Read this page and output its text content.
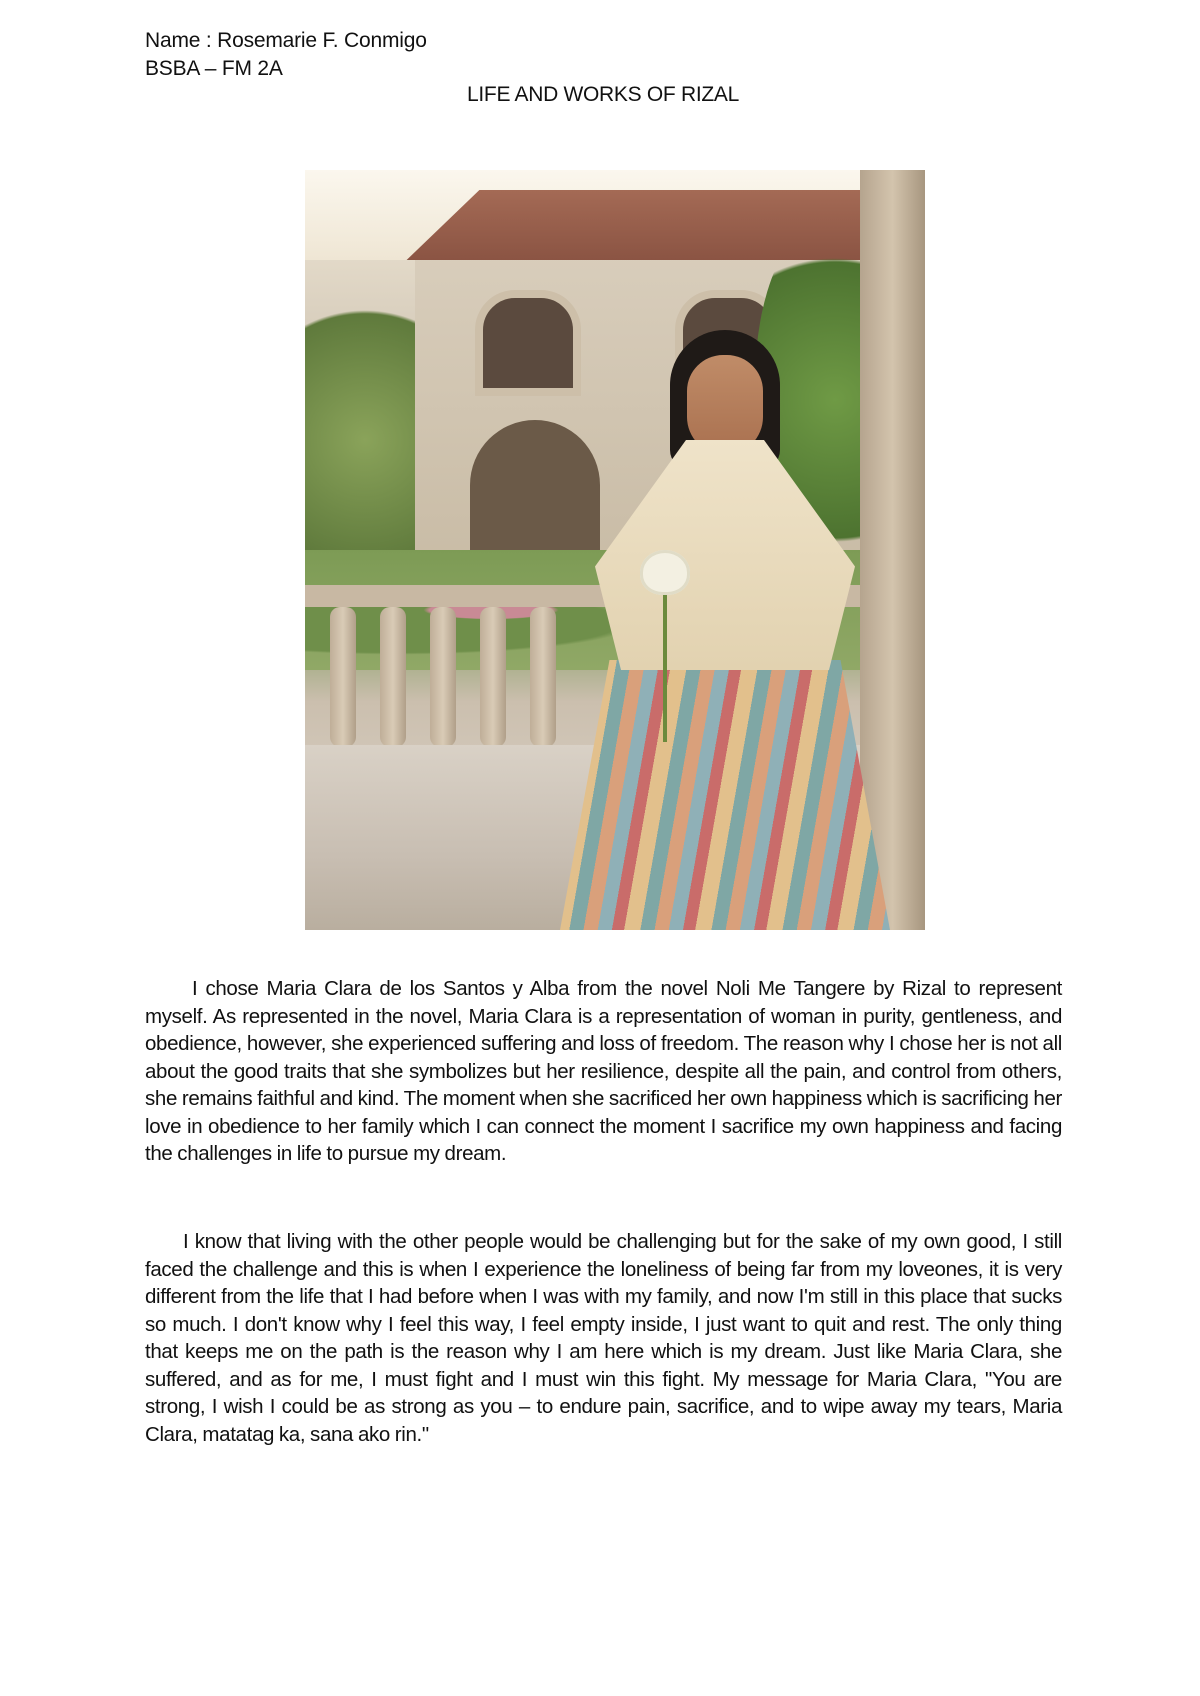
Name : Rosemarie F. Conmigo
BSBA – FM 2A
LIFE AND WORKS OF RIZAL

I chose Maria Clara de los Santos y Alba from the novel Noli Me Tangere by Rizal to represent myself. As represented in the novel, Maria Clara is a representation of woman in purity, gentleness, and obedience, however, she experienced suffering and loss of freedom. The reason why I chose her is not all about the good traits that she symbolizes but her resilience, despite all the pain, and control from others, she remains faithful and kind. The moment when she sacrificed her own happiness which is sacrificing her love in obedience to her family which I can connect the moment I sacrifice my own happiness and facing the challenges in life to pursue my dream.

I know that living with the other people would be challenging but for the sake of my own good, I still faced the challenge and this is when I experience the loneliness of being far from my loveones, it is very different from the life that I had before when I was with my family, and now I'm still in this place that sucks so much. I don't know why I feel this way, I feel empty inside, I just want to quit and rest. The only thing that keeps me on the path is the reason why I am here which is my dream. Just like Maria Clara, she suffered, and as for me, I must fight and I must win this fight. My message for Maria Clara, "You are strong, I wish I could be as strong as you – to endure pain, sacrifice, and to wipe away my tears, Maria Clara, matatag ka, sana ako rin."
